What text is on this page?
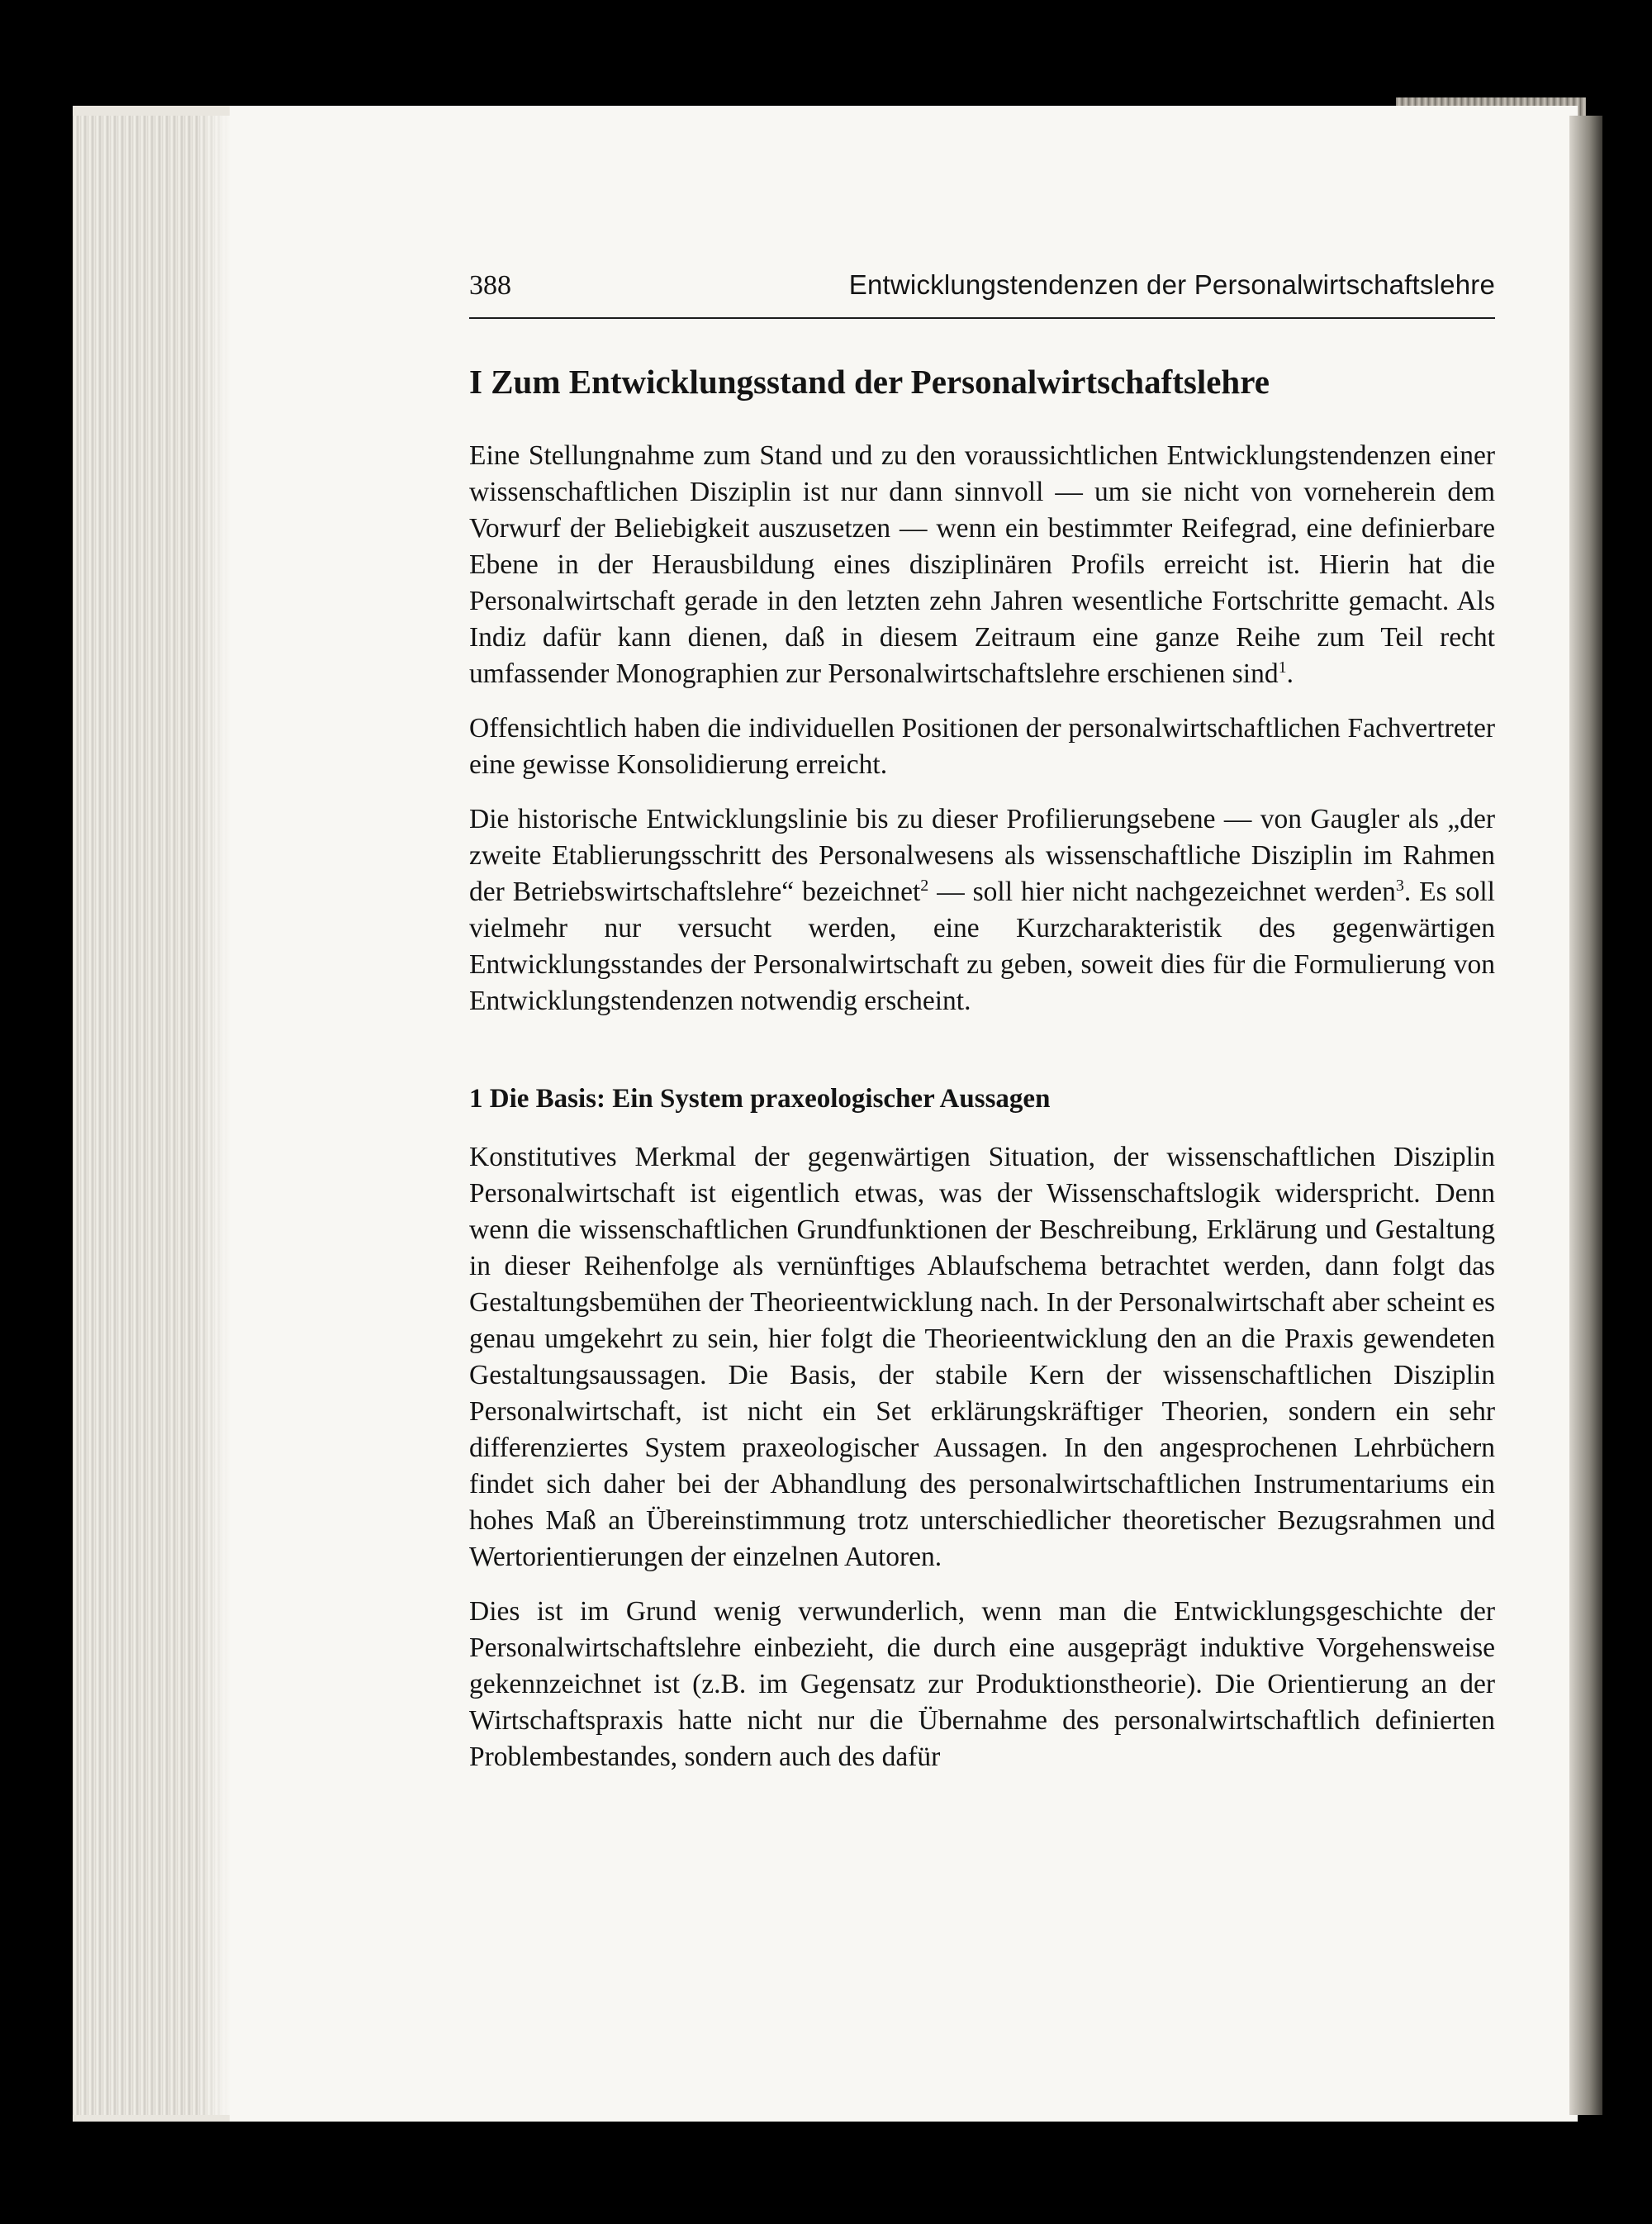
388	Entwicklungstendenzen der Personalwirtschaftslehre
I Zum Entwicklungsstand der Personalwirtschaftslehre

Eine Stellungnahme zum Stand und zu den voraussichtlichen Entwicklungstendenzen einer wissenschaftlichen Disziplin ist nur dann sinnvoll — um sie nicht von vorneherein dem Vorwurf der Beliebigkeit auszusetzen — wenn ein bestimmter Reifegrad, eine definierbare Ebene in der Herausbildung eines disziplinären Profils erreicht ist. Hierin hat die Personalwirtschaft gerade in den letzten zehn Jahren wesentliche Fortschritte gemacht. Als Indiz dafür kann dienen, daß in diesem Zeitraum eine ganze Reihe zum Teil recht umfassender Monographien zur Personalwirtschaftslehre erschienen sind$^1$.

Offensichtlich haben die individuellen Positionen der personalwirtschaftlichen Fachvertreter eine gewisse Konsolidierung erreicht.

Die historische Entwicklungslinie bis zu dieser Profilierungsebene — von Gaugler als „der zweite Etablierungsschritt des Personalwesens als wissenschaftliche Disziplin im Rahmen der Betriebswirtschaftslehre“ bezeichnet$^2$ — soll hier nicht nachgezeichnet werden$^3$. Es soll vielmehr nur versucht werden, eine Kurzcharakteristik des gegenwärtigen Entwicklungsstandes der Personalwirtschaft zu geben, soweit dies für die Formulierung von Entwicklungstendenzen notwendig erscheint.

1 Die Basis: Ein System praxeologischer Aussagen

Konstitutives Merkmal der gegenwärtigen Situation, der wissenschaftlichen Disziplin Personalwirtschaft ist eigentlich etwas, was der Wissenschaftslogik widerspricht. Denn wenn die wissenschaftlichen Grundfunktionen der Beschreibung, Erklärung und Gestaltung in dieser Reihenfolge als vernünftiges Ablaufschema betrachtet werden, dann folgt das Gestaltungsbemühen der Theorieentwicklung nach. In der Personalwirtschaft aber scheint es genau umgekehrt zu sein, hier folgt die Theorieentwicklung den an die Praxis gewendeten Gestaltungsaussagen. Die Basis, der stabile Kern der wissenschaftlichen Disziplin Personalwirtschaft, ist nicht ein Set erklärungskräftiger Theorien, sondern ein sehr differenziertes System praxeologischer Aussagen. In den angesprochenen Lehrbüchern findet sich daher bei der Abhandlung des personalwirtschaftlichen Instrumentariums ein hohes Maß an Übereinstimmung trotz unterschiedlicher theoretischer Bezugsrahmen und Wertorientierungen der einzelnen Autoren.

Dies ist im Grund wenig verwunderlich, wenn man die Entwicklungsgeschichte der Personalwirtschaftslehre einbezieht, die durch eine ausgeprägt induktive Vorgehensweise gekennzeichnet ist (z.B. im Gegensatz zur Produktionstheorie). Die Orientierung an der Wirtschaftspraxis hatte nicht nur die Übernahme des personalwirtschaftlich definierten Problembestandes, sondern auch des dafür
